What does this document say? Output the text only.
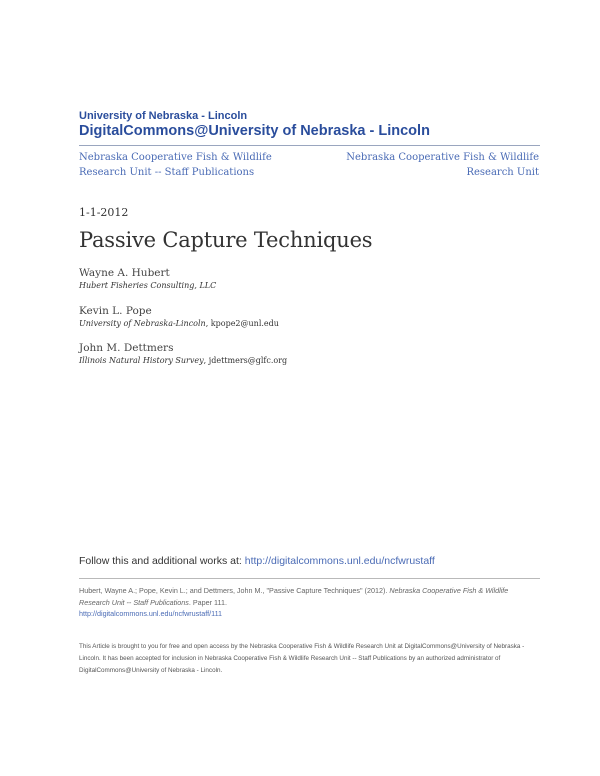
University of Nebraska - Lincoln
DigitalCommons@University of Nebraska - Lincoln
Nebraska Cooperative Fish & Wildlife Research Unit -- Staff Publications
Nebraska Cooperative Fish & Wildlife Research Unit
1-1-2012
Passive Capture Techniques
Wayne A. Hubert
Hubert Fisheries Consulting, LLC
Kevin L. Pope
University of Nebraska-Lincoln, kpope2@unl.edu
John M. Dettmers
Illinois Natural History Survey, jdettmers@glfc.org
Follow this and additional works at: http://digitalcommons.unl.edu/ncfwrustaff
Hubert, Wayne A.; Pope, Kevin L.; and Dettmers, John M., "Passive Capture Techniques" (2012). Nebraska Cooperative Fish & Wildlife Research Unit -- Staff Publications. Paper 111.
http://digitalcommons.unl.edu/ncfwrustaff/111
This Article is brought to you for free and open access by the Nebraska Cooperative Fish & Wildlife Research Unit at DigitalCommons@University of Nebraska - Lincoln. It has been accepted for inclusion in Nebraska Cooperative Fish & Wildlife Research Unit -- Staff Publications by an authorized administrator of DigitalCommons@University of Nebraska - Lincoln.
